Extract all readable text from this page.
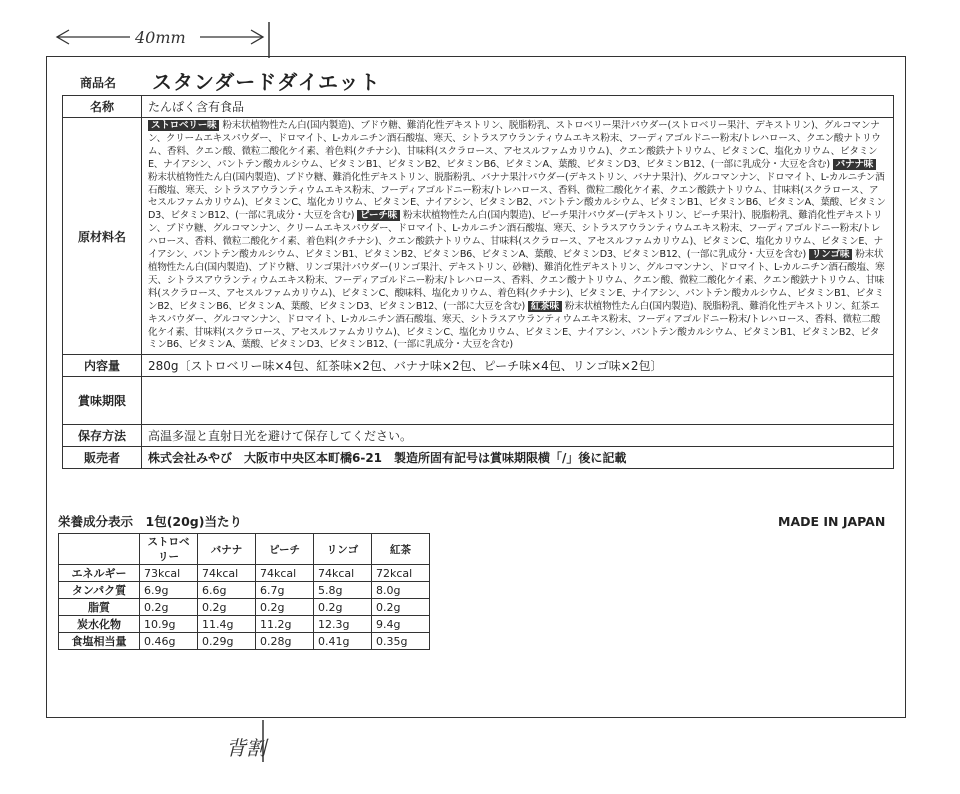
40mm
背割
商品名 スタンダードダイエット
名称	たんぱく含有食品
原材料名	ストロベリー味 粉末状植物性たん白(国内製造)、ブドウ糖、難消化性デキストリン、脱脂粉乳、ストロベリー果汁パウダー(ストロベリー果汁、デキストリン)、グルコマンナン、クリームエキスパウダー、ドロマイト、L-カルニチン酒石酸塩、寒天、シトラスアウランティウムエキス粉末、フーディアゴルドニー粉末/トレハロース、クエン酸ナトリウム、香料、クエン酸、微粒二酸化ケイ素、着色料(クチナシ)、甘味料(スクラロース、アセスルファムカリウム)、クエン酸鉄ナトリウム、ビタミンC、塩化カリウム、ビタミンE、ナイアシン、パントテン酸カルシウム、ビタミンB1、ビタミンB2、ビタミンB6、ビタミンA、葉酸、ビタミンD3、ビタミンB12、(一部に乳成分・大豆を含む) バナナ味粉末状植物性たん白(国内製造)、ブドウ糖、難消化性デキストリン、脱脂粉乳、バナナ果汁パウダー(デキストリン、バナナ果汁)、グルコマンナン、ドロマイト、L-カルニチン酒石酸塩、寒天、シトラスアウランティウムエキス粉末、フーディアゴルドニー粉末/トレハロース、香料、微粒二酸化ケイ素、クエン酸鉄ナトリウム、甘味料(スクラロース、アセスルファムカリウム)、ビタミンC、塩化カリウム、ビタミンE、ナイアシン、ビタミンB2、パントテン酸カルシウム、ビタミンB1、ビタミンB6、ビタミンA、葉酸、ビタミンD3、ビタミンB12、(一部に乳成分・大豆を含む) ピーチ味 粉末状植物性たん白(国内製造)、ピーチ果汁パウダー(デキストリン、ピーチ果汁)、脱脂粉乳、難消化性デキストリン、ブドウ糖、グルコマンナン、クリームエキスパウダー、ドロマイト、L-カルニチン酒石酸塩、寒天、シトラスアウランティウムエキス粉末、フーディアゴルドニー粉末/トレハロース、香料、微粒二酸化ケイ素、着色料(クチナシ)、クエン酸鉄ナトリウム、甘味料(スクラロース、アセスルファムカリウム)、ビタミンC、塩化カリウム、ビタミンE、ナイアシン、パントテン酸カルシウム、ビタミンB1、ビタミンB2、ビタミンB6、ビタミンA、葉酸、ビタミンD3、ビタミンB12、(一部に乳成分・大豆を含む) リンゴ味 粉末状植物性たん白(国内製造)、ブドウ糖、リンゴ果汁パウダー(リンゴ果汁、デキストリン、砂糖)、難消化性デキストリン、グルコマンナン、ドロマイト、L-カルニチン酒石酸塩、寒天、シトラスアウランティウムエキス粉末、フーディアゴルドニー粉末/トレハロース、香料、クエン酸ナトリウム、クエン酸、微粒二酸化ケイ素、クエン酸鉄ナトリウム、甘味料(スクラロース、アセスルファムカリウム)、ビタミンC、酸味料、塩化カリウム、着色料(クチナシ)、ビタミンE、ナイアシン、パントテン酸カルシウム、ビタミンB1、ビタミンB2、ビタミンB6、ビタミンA、葉酸、ビタミンD3、ビタミンB12、(一部に大豆を含む) 紅茶味 粉末状植物性たん白(国内製造)、脱脂粉乳、難消化性デキストリン、紅茶エキスパウダー、グルコマンナン、ドロマイト、L-カルニチン酒石酸塩、寒天、シトラスアウランティウムエキス粉末、フーディアゴルドニー粉末/トレハロース、香料、微粒二酸化ケイ素、甘味料(スクラロース、アセスルファムカリウム)、ビタミンC、塩化カリウム、ビタミンE、ナイアシン、パントテン酸カルシウム、ビタミンB1、ビタミンB2、ビタミンB6、ビタミンA、葉酸、ビタミンD3、ビタミンB12、(一部に乳成分・大豆を含む)
内容量	280g〔ストロベリー味×4包、紅茶味×2包、バナナ味×2包、ピーチ味×4包、リンゴ味×2包〕
賞味期限	
保存方法	高温多湿と直射日光を避けて保存してください。
販売者	株式会社みやび　大阪市中央区本町橋6-21　製造所固有記号は賞味期限横「/」後に記載
栄養成分表示　1包(20g)当たり	MADE IN JAPAN
	ストロベリー	バナナ	ピーチ	リンゴ	紅茶
エネルギー	73kcal	74kcal	74kcal	74kcal	72kcal
タンパク質	6.9g	6.6g	6.7g	5.8g	8.0g
脂質	0.2g	0.2g	0.2g	0.2g	0.2g
炭水化物	10.9g	11.4g	11.2g	12.3g	9.4g
食塩相当量	0.46g	0.29g	0.28g	0.41g	0.35g
